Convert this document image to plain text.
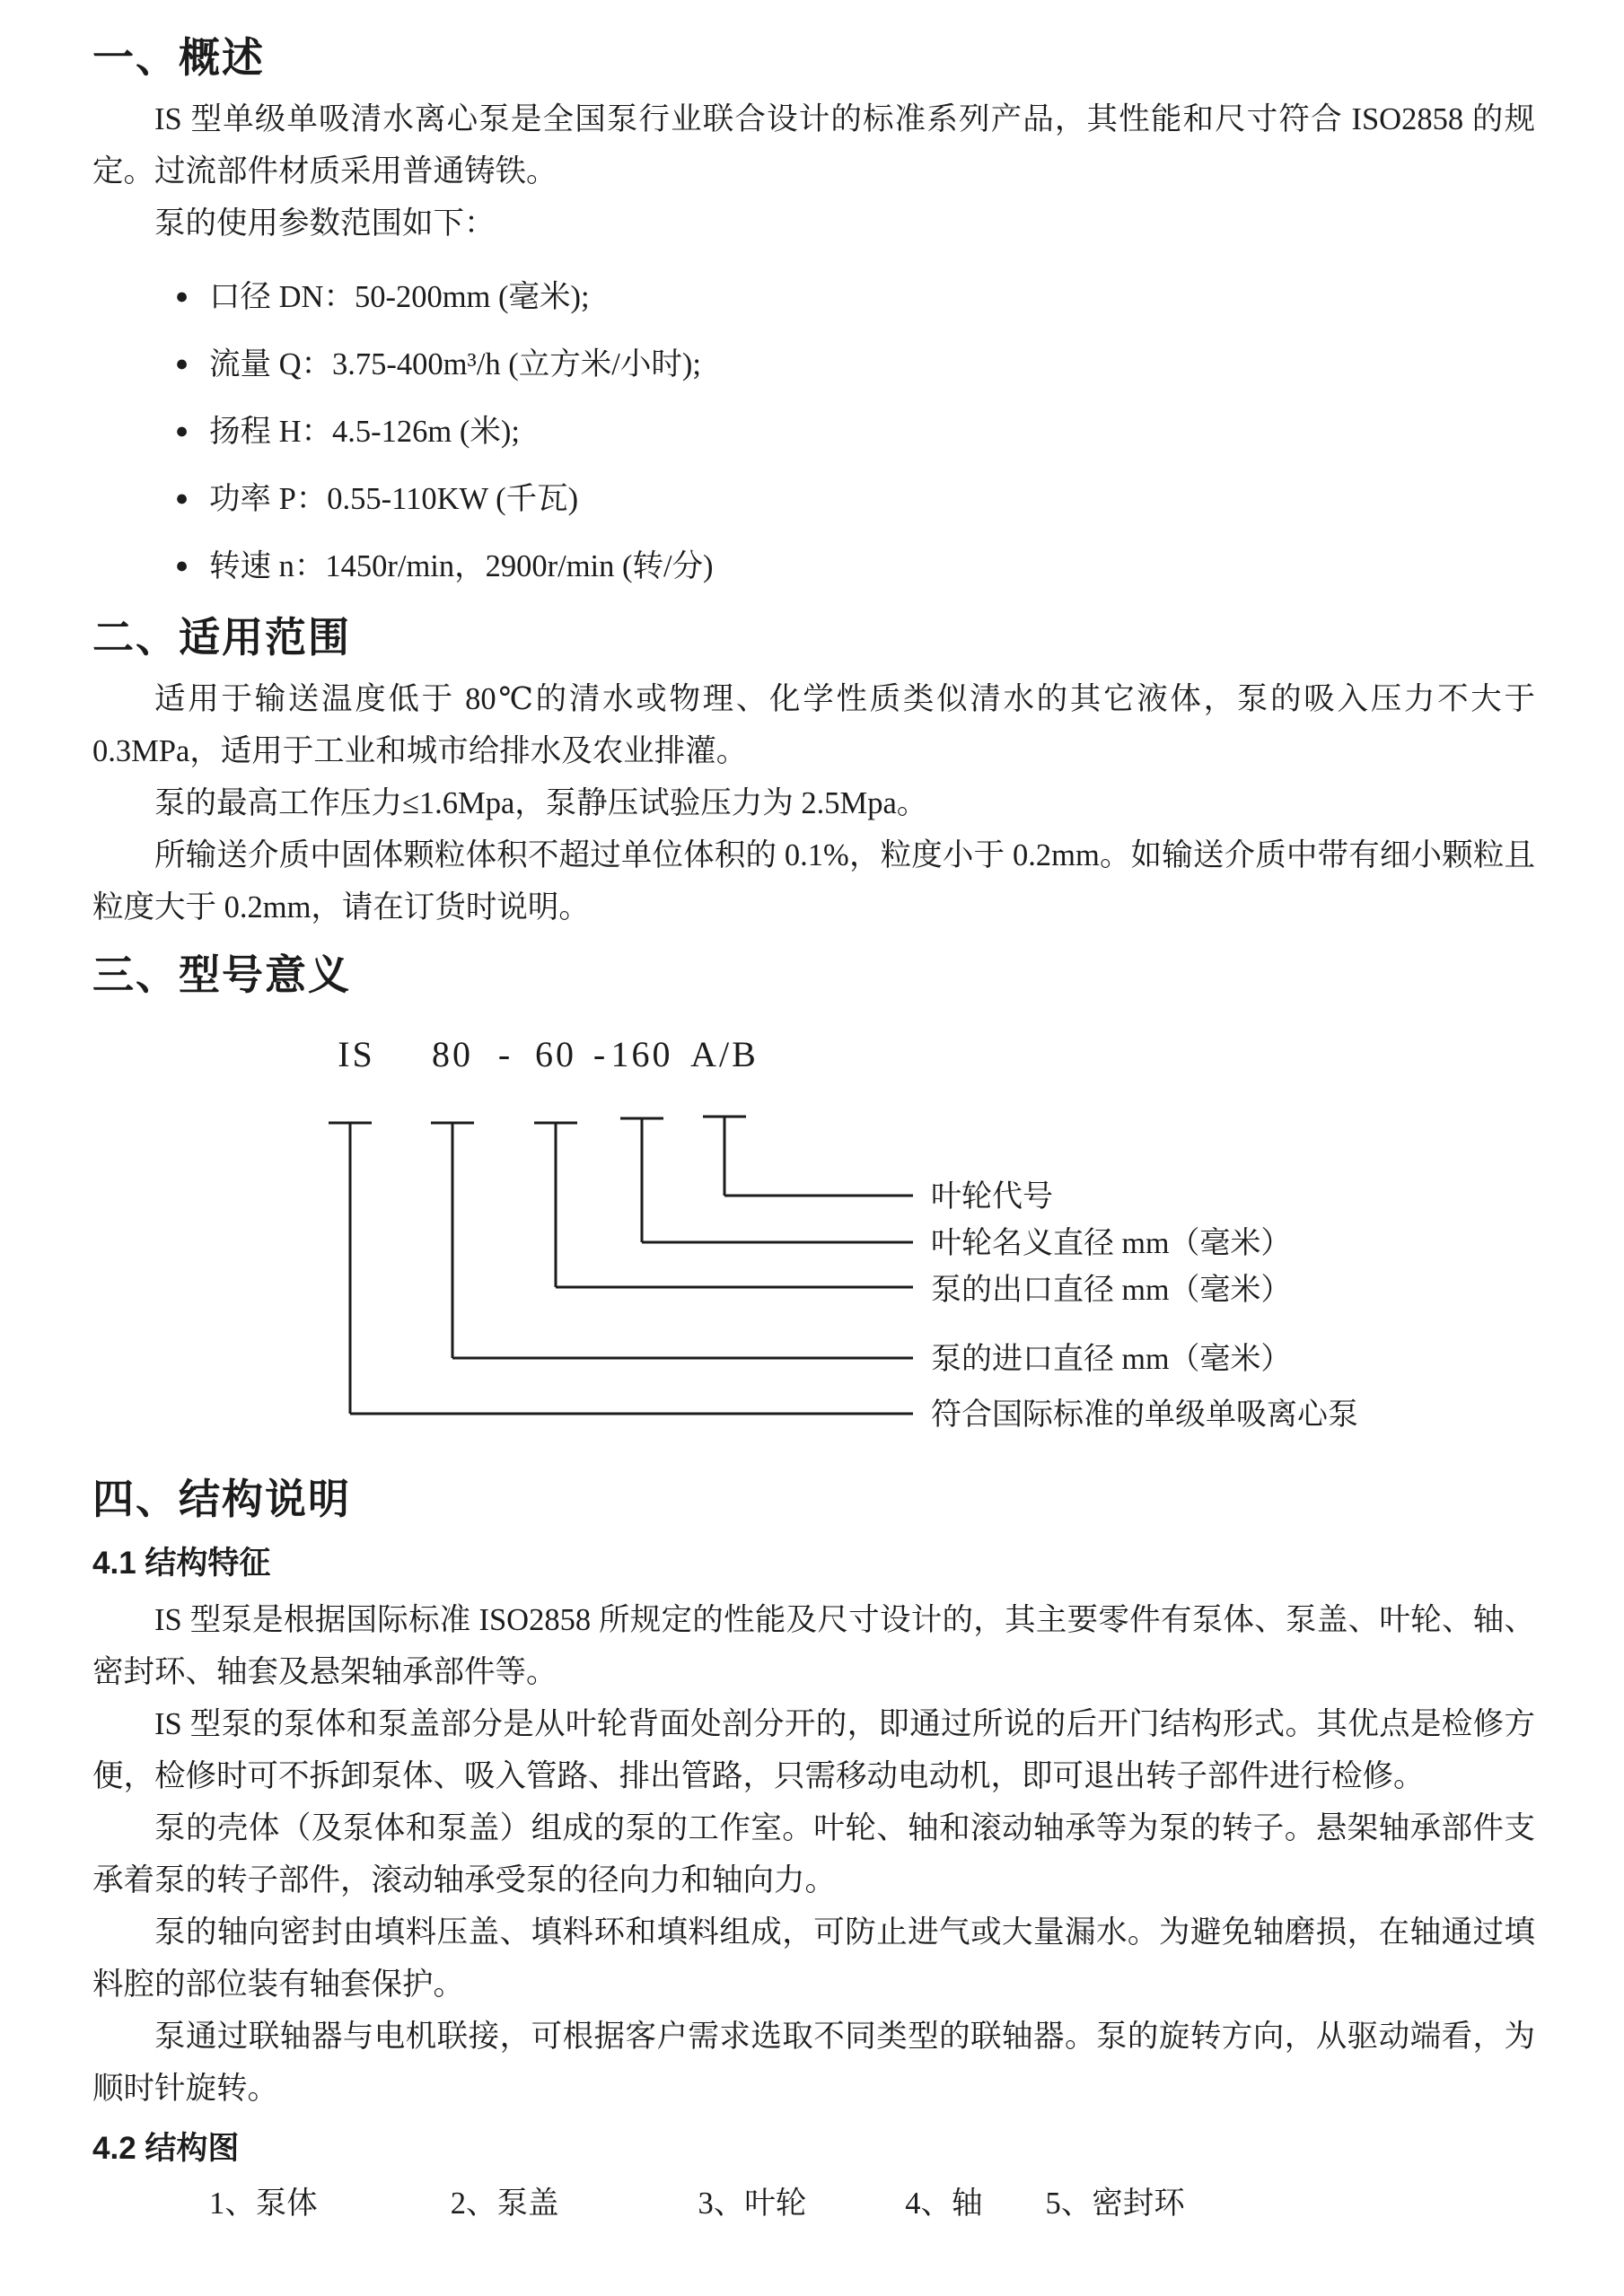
一、概述

IS 型单级单吸清水离心泵是全国泵行业联合设计的标准系列产品，其性能和尺寸符合 ISO2858 的规定。过流部件材质采用普通铸铁。

泵的使用参数范围如下：

● 口径 DN：50-200mm (毫米);
● 流量 Q：3.75-400m³/h (立方米/小时);
● 扬程 H：4.5-126m (米);
● 功率 P：0.55-110KW (千瓦)
● 转速 n：1450r/min，2900r/min (转/分)
二、适用范围

适用于输送温度低于 80℃的清水或物理、化学性质类似清水的其它液体，泵的吸入压力不大于 0.3MPa，适用于工业和城市给排水及农业排灌。

泵的最高工作压力≤1.6Mpa，泵静压试验压力为 2.5Mpa。

所输送介质中固体颗粒体积不超过单位体积的 0.1%，粒度小于 0.2mm。如输送介质中带有细小颗粒且粒度大于 0.2mm，请在订货时说明。

三、型号意义
IS 80 - 60 - 160 A/B
叶轮代号
叶轮名义直径 mm（毫米）
泵的出口直径 mm（毫米）
泵的进口直径 mm（毫米）
符合国际标准的单级单吸离心泵
四、结构说明
4.1 结构特征

IS 型泵是根据国际标准 ISO2858 所规定的性能及尺寸设计的，其主要零件有泵体、泵盖、叶轮、轴、密封环、轴套及悬架轴承部件等。

IS 型泵的泵体和泵盖部分是从叶轮背面处剖分开的，即通过所说的后开门结构形式。其优点是检修方便，检修时可不拆卸泵体、吸入管路、排出管路，只需移动电动机，即可退出转子部件进行检修。

泵的壳体（及泵体和泵盖）组成的泵的工作室。叶轮、轴和滚动轴承等为泵的转子。悬架轴承部件支承着泵的转子部件，滚动轴承受泵的径向力和轴向力。

泵的轴向密封由填料压盖、填料环和填料组成，可防止进气或大量漏水。为避免轴磨损，在轴通过填料腔的部位装有轴套保护。

泵通过联轴器与电机联接，可根据客户需求选取不同类型的联轴器。泵的旋转方向，从驱动端看，为顺时针旋转。

4.2 结构图
1、泵体	2、泵盖	3、叶轮	4、轴 5、密封环
